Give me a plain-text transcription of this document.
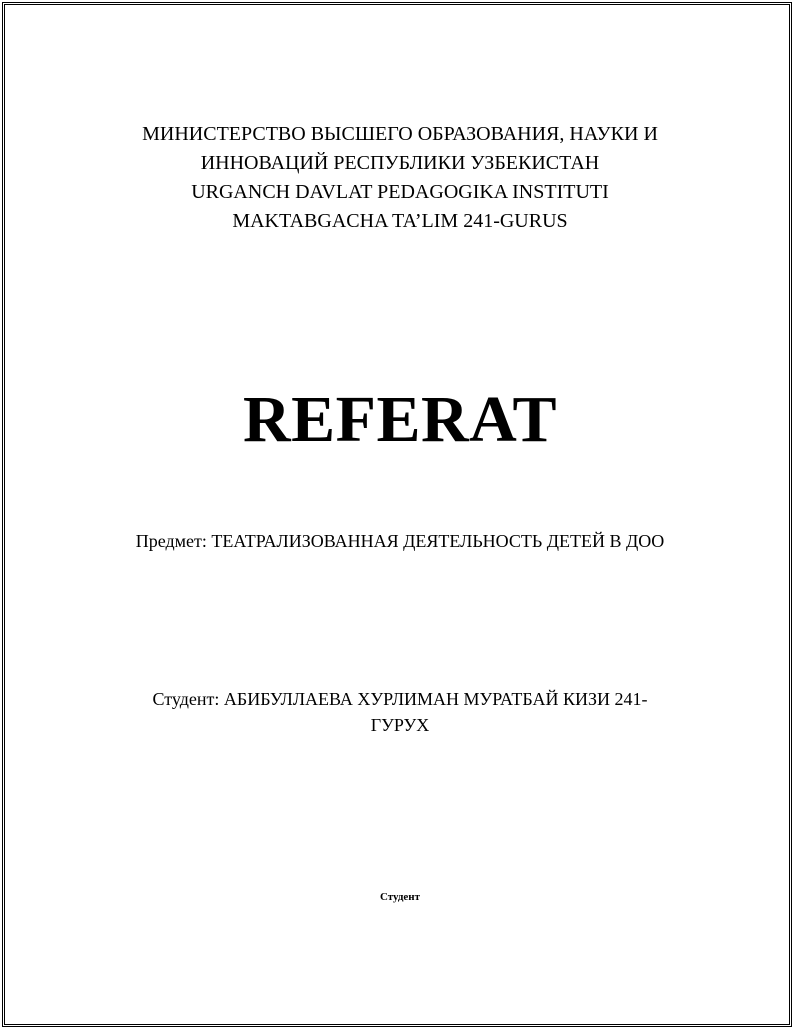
МИНИСТЕРСТВО ВЫСШЕГО ОБРАЗОВАНИЯ, НАУКИ И
ИННОВАЦИЙ РЕСПУБЛИКИ УЗБЕКИСТАН
URGANCH DAVLAT PEDAGOGIKA INSTITUTI
MAKTABGACHA TA’LIM 241-GURUS
REFERAT
Предмет: ТЕАТРАЛИЗОВАННАЯ ДЕЯТЕЛЬНОСТЬ ДЕТЕЙ В ДОО
Студент: АБИБУЛЛАЕВА ХУРЛИМАН МУРАТБАЙ КИЗИ 241-
ГУРУХ
Студент
